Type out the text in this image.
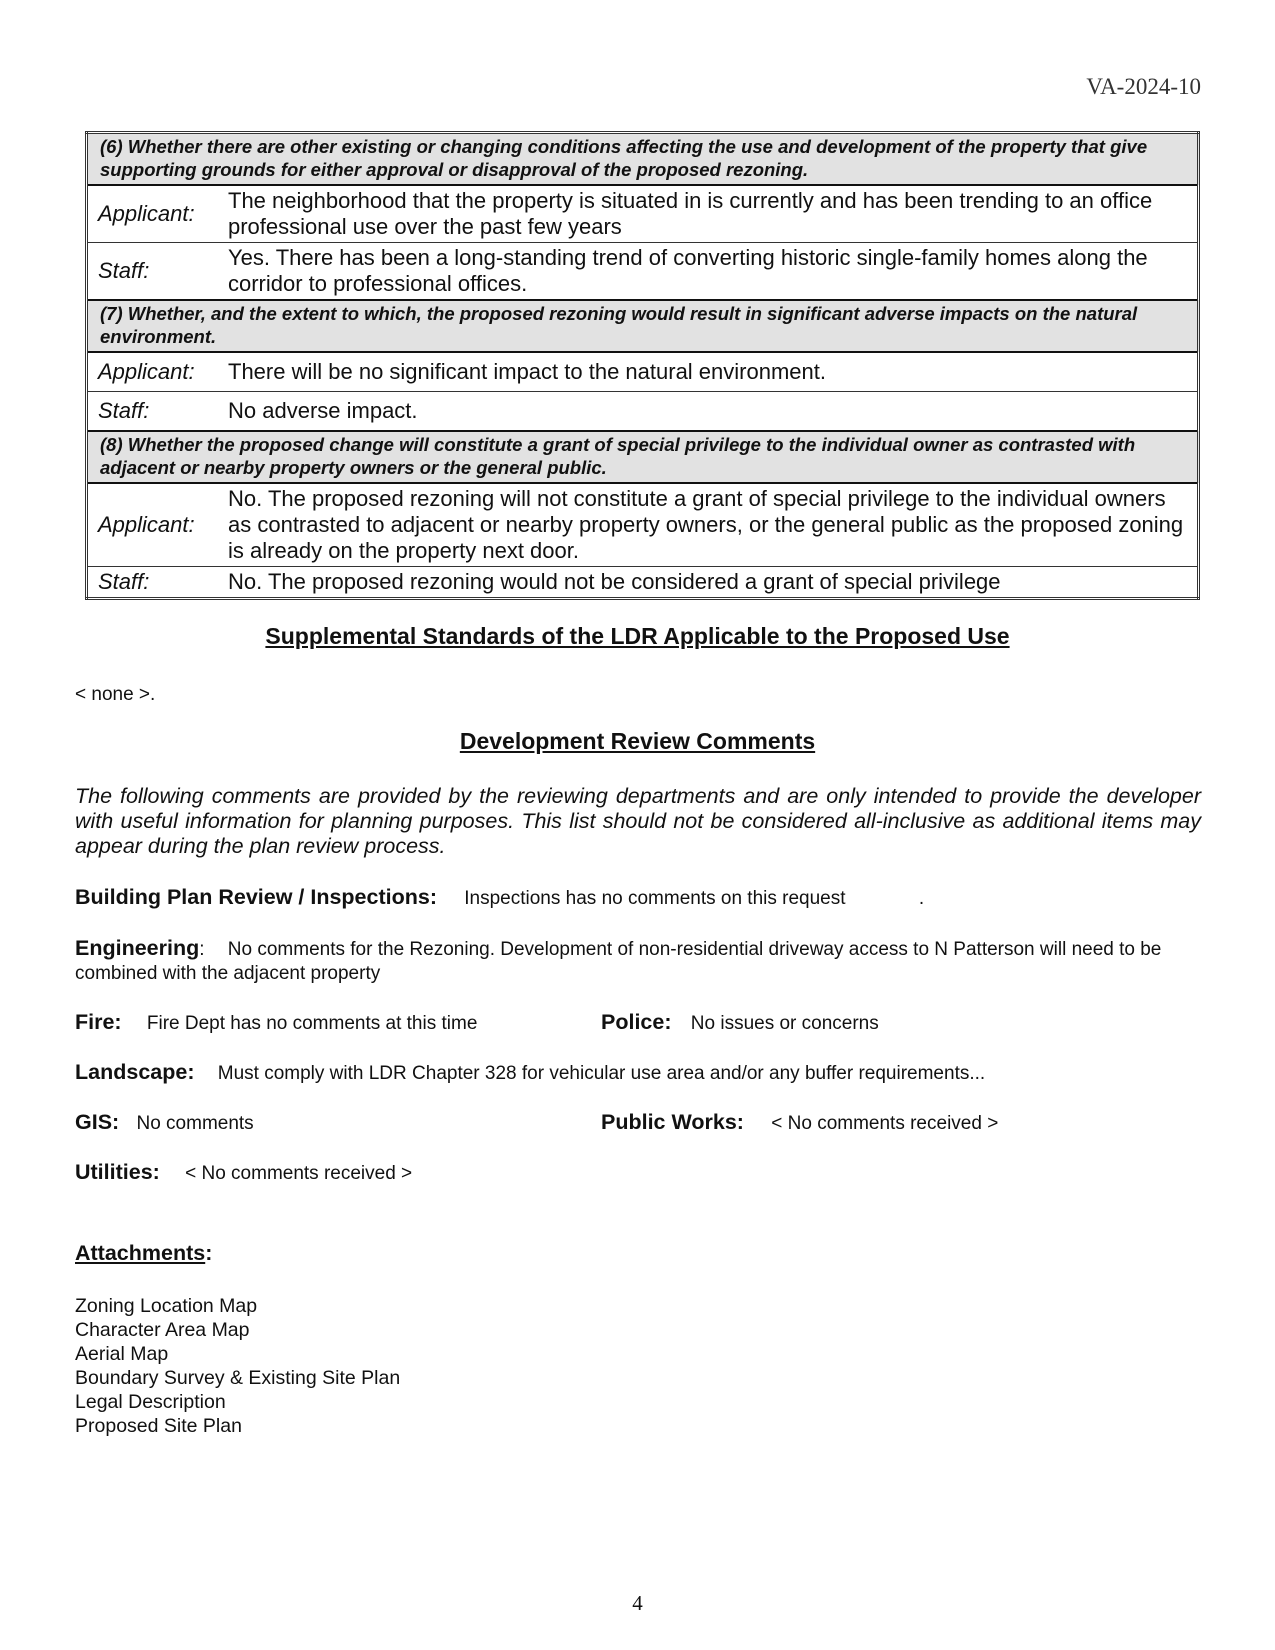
VA-2024-10
(6) Whether there are other existing or changing conditions affecting the use and development of the property that give supporting grounds for either approval or disapproval of the proposed rezoning.	
Applicant:	The neighborhood that the property is situated in is currently and has been trending to an office professional use over the past few years
Staff:	Yes. There has been a long-standing trend of converting historic single-family homes along the corridor to professional offices.
(7) Whether, and the extent to which, the proposed rezoning would result in significant adverse impacts on the natural environment.	
Applicant:	There will be no significant impact to the natural environment.
Staff:	No adverse impact.
(8) Whether the proposed change will constitute a grant of special privilege to the individual owner as contrasted with adjacent or nearby property owners or the general public.	
Applicant:	No. The proposed rezoning will not constitute a grant of special privilege to the individual owners as contrasted to adjacent or nearby property owners, or the general public as the proposed zoning is already on the property next door.
Staff:	No. The proposed rezoning would not be considered a grant of special privilege
Supplemental Standards of the LDR Applicable to the Proposed Use
< none >.
Development Review Comments
The following comments are provided by the reviewing departments and are only intended to provide the developer with useful information for planning purposes. This list should not be considered all-inclusive as additional items may appear during the plan review process.
Building Plan Review / Inspections: Inspections has no comments on this request	.
Engineering: No comments for the Rezoning. Development of non-residential driveway access to N Patterson will need to be combined with the adjacent property
Fire: Fire Dept has no comments at this time	Police: No issues or concerns
Landscape: Must comply with LDR Chapter 328 for vehicular use area and/or any buffer requirements...
GIS: No comments	Public Works: < No comments received >
Utilities: < No comments received >
Attachments:
Zoning Location Map
Character Area Map
Aerial Map
Boundary Survey & Existing Site Plan
Legal Description
Proposed Site Plan
4
